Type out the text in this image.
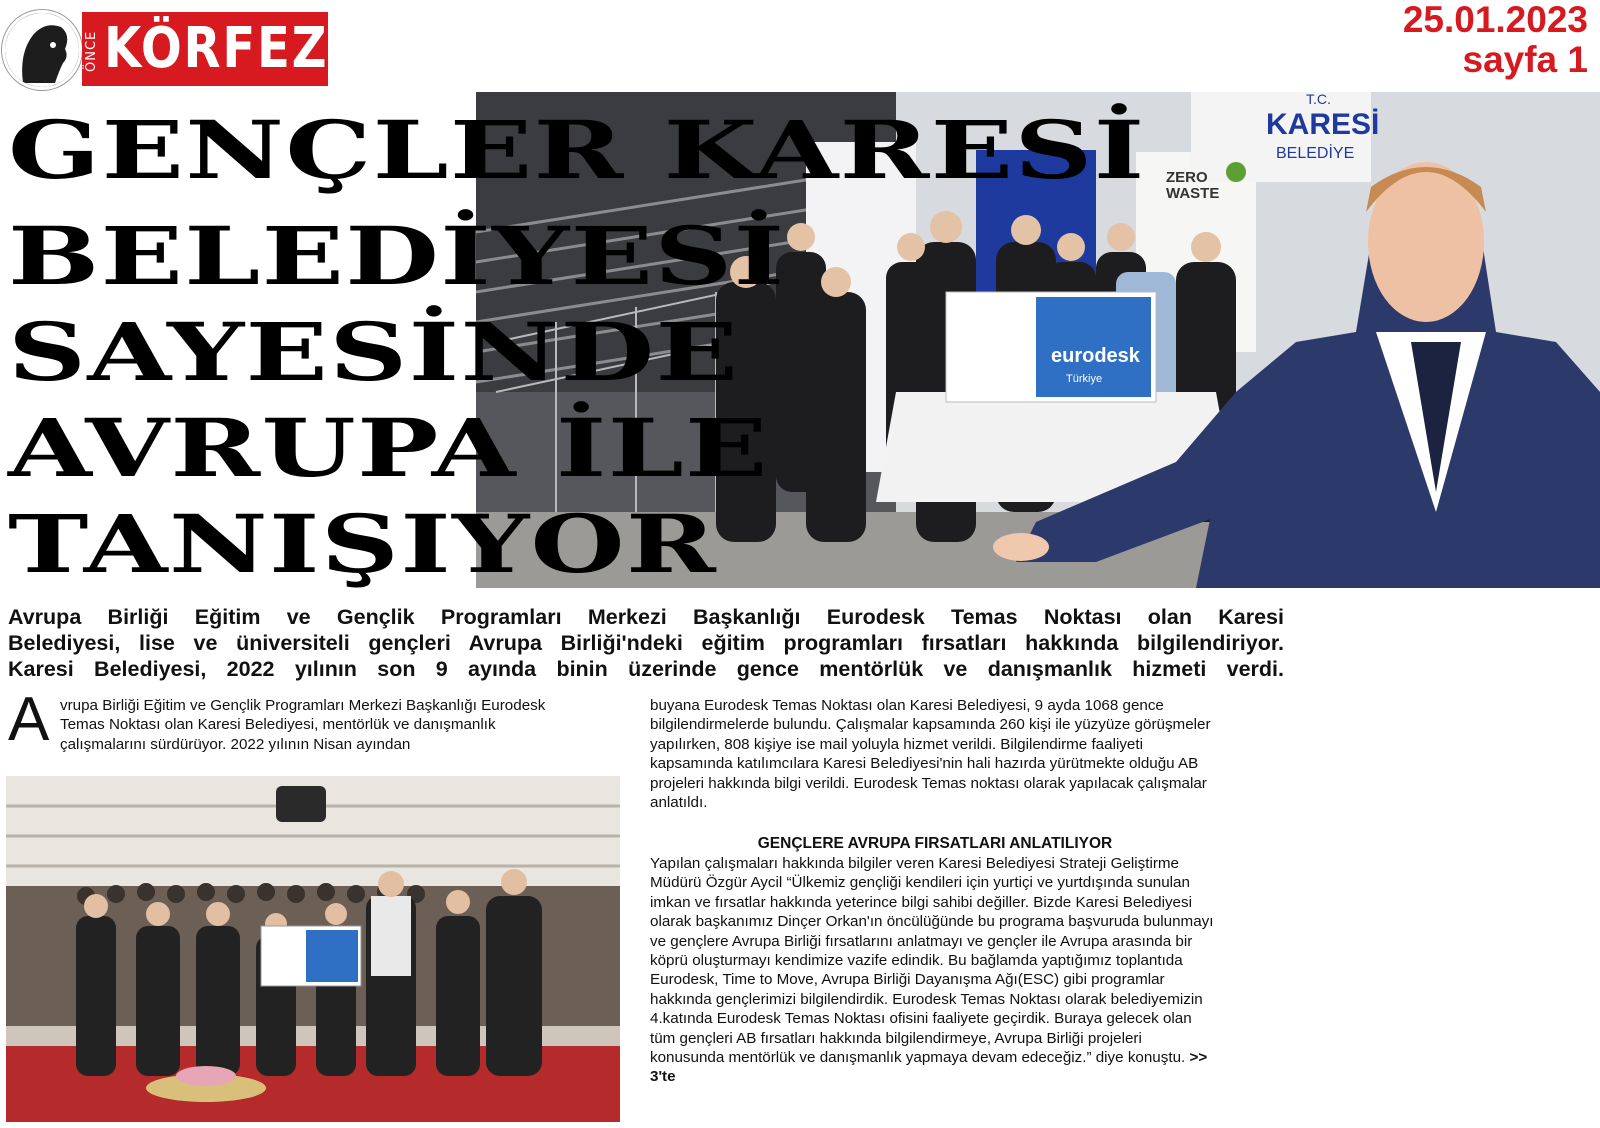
T.C.
KARESİ
BELEDİYE
ZERO
WASTE
eurodesk
Türkiye
ÖNCE KÖRFEZ	25.01.2023
sayfa 1
GENÇLER KARESİ
BELEDİYESİ
SAYESİNDE
AVRUPA İLE
TANIŞIYOR

Avrupa Birliği Eğitim ve Gençlik Programları Merkezi Başkanlığı Eurodesk Temas Noktası olan Karesi

Belediyesi, lise ve üniversiteli gençleri Avrupa Birliği'ndeki eğitim programları fırsatları hakkında bilgilendiriyor.

Karesi Belediyesi, 2022 yılının son 9 ayında binin üzerinde gence mentörlük ve danışmanlık hizmeti verdi.

A vrupa Birliği Eğitim ve Gençlik Programları Merkezi Başkanlığı Eurodesk Temas Noktası olan Karesi Belediyesi, mentörlük ve danışmanlık çalışmalarını sürdürüyor. 2022 yılının Nisan ayından
buyana Eurodesk Temas Noktası olan Karesi Belediyesi, 9 ayda 1068 gence bilgilendirmelerde bulundu. Çalışmalar kapsamında 260 kişi ile yüzyüze görüşmeler yapılırken, 808 kişiye ise mail yoluyla hizmet verildi. Bilgilendirme faaliyeti kapsamında katılımcılara Karesi Belediyesi'nin hali hazırda yürütmekte olduğu AB projeleri hakkında bilgi verildi. Eurodesk Temas noktası olarak yapılacak çalışmalar anlatıldı.
GENÇLERE AVRUPA FIRSATLARI ANLATILIYOR
Yapılan çalışmaları hakkında bilgiler veren Karesi Belediyesi Strateji Geliştirme Müdürü Özgür Aycil “Ülkemiz gençliği kendileri için yurtiçi ve yurtdışında sunulan imkan ve fırsatlar hakkında yeterince bilgi sahibi değiller. Bizde Karesi Belediyesi olarak başkanımız Dinçer Orkan'ın öncülüğünde bu programa başvuruda bulunmayı ve gençlere Avrupa Birliği fırsatlarını anlatmayı ve gençler ile Avrupa arasında bir köprü oluşturmayı kendimize vazife edindik. Bu bağlamda yaptığımız toplantıda Eurodesk, Time to Move, Avrupa Birliği Dayanışma Ağı(ESC) gibi programlar hakkında gençlerimizi bilgilendirdik. Eurodesk Temas Noktası olarak belediyemizin 4.katında Eurodesk Temas Noktası ofisini faaliyete geçirdik. Buraya gelecek olan tüm gençleri AB fırsatları hakkında bilgilendirmeye, Avrupa Birliği projeleri konusunda mentörlük ve danışmanlık yapmaya devam edeceğiz.” diye konuştu. >> 3'te
